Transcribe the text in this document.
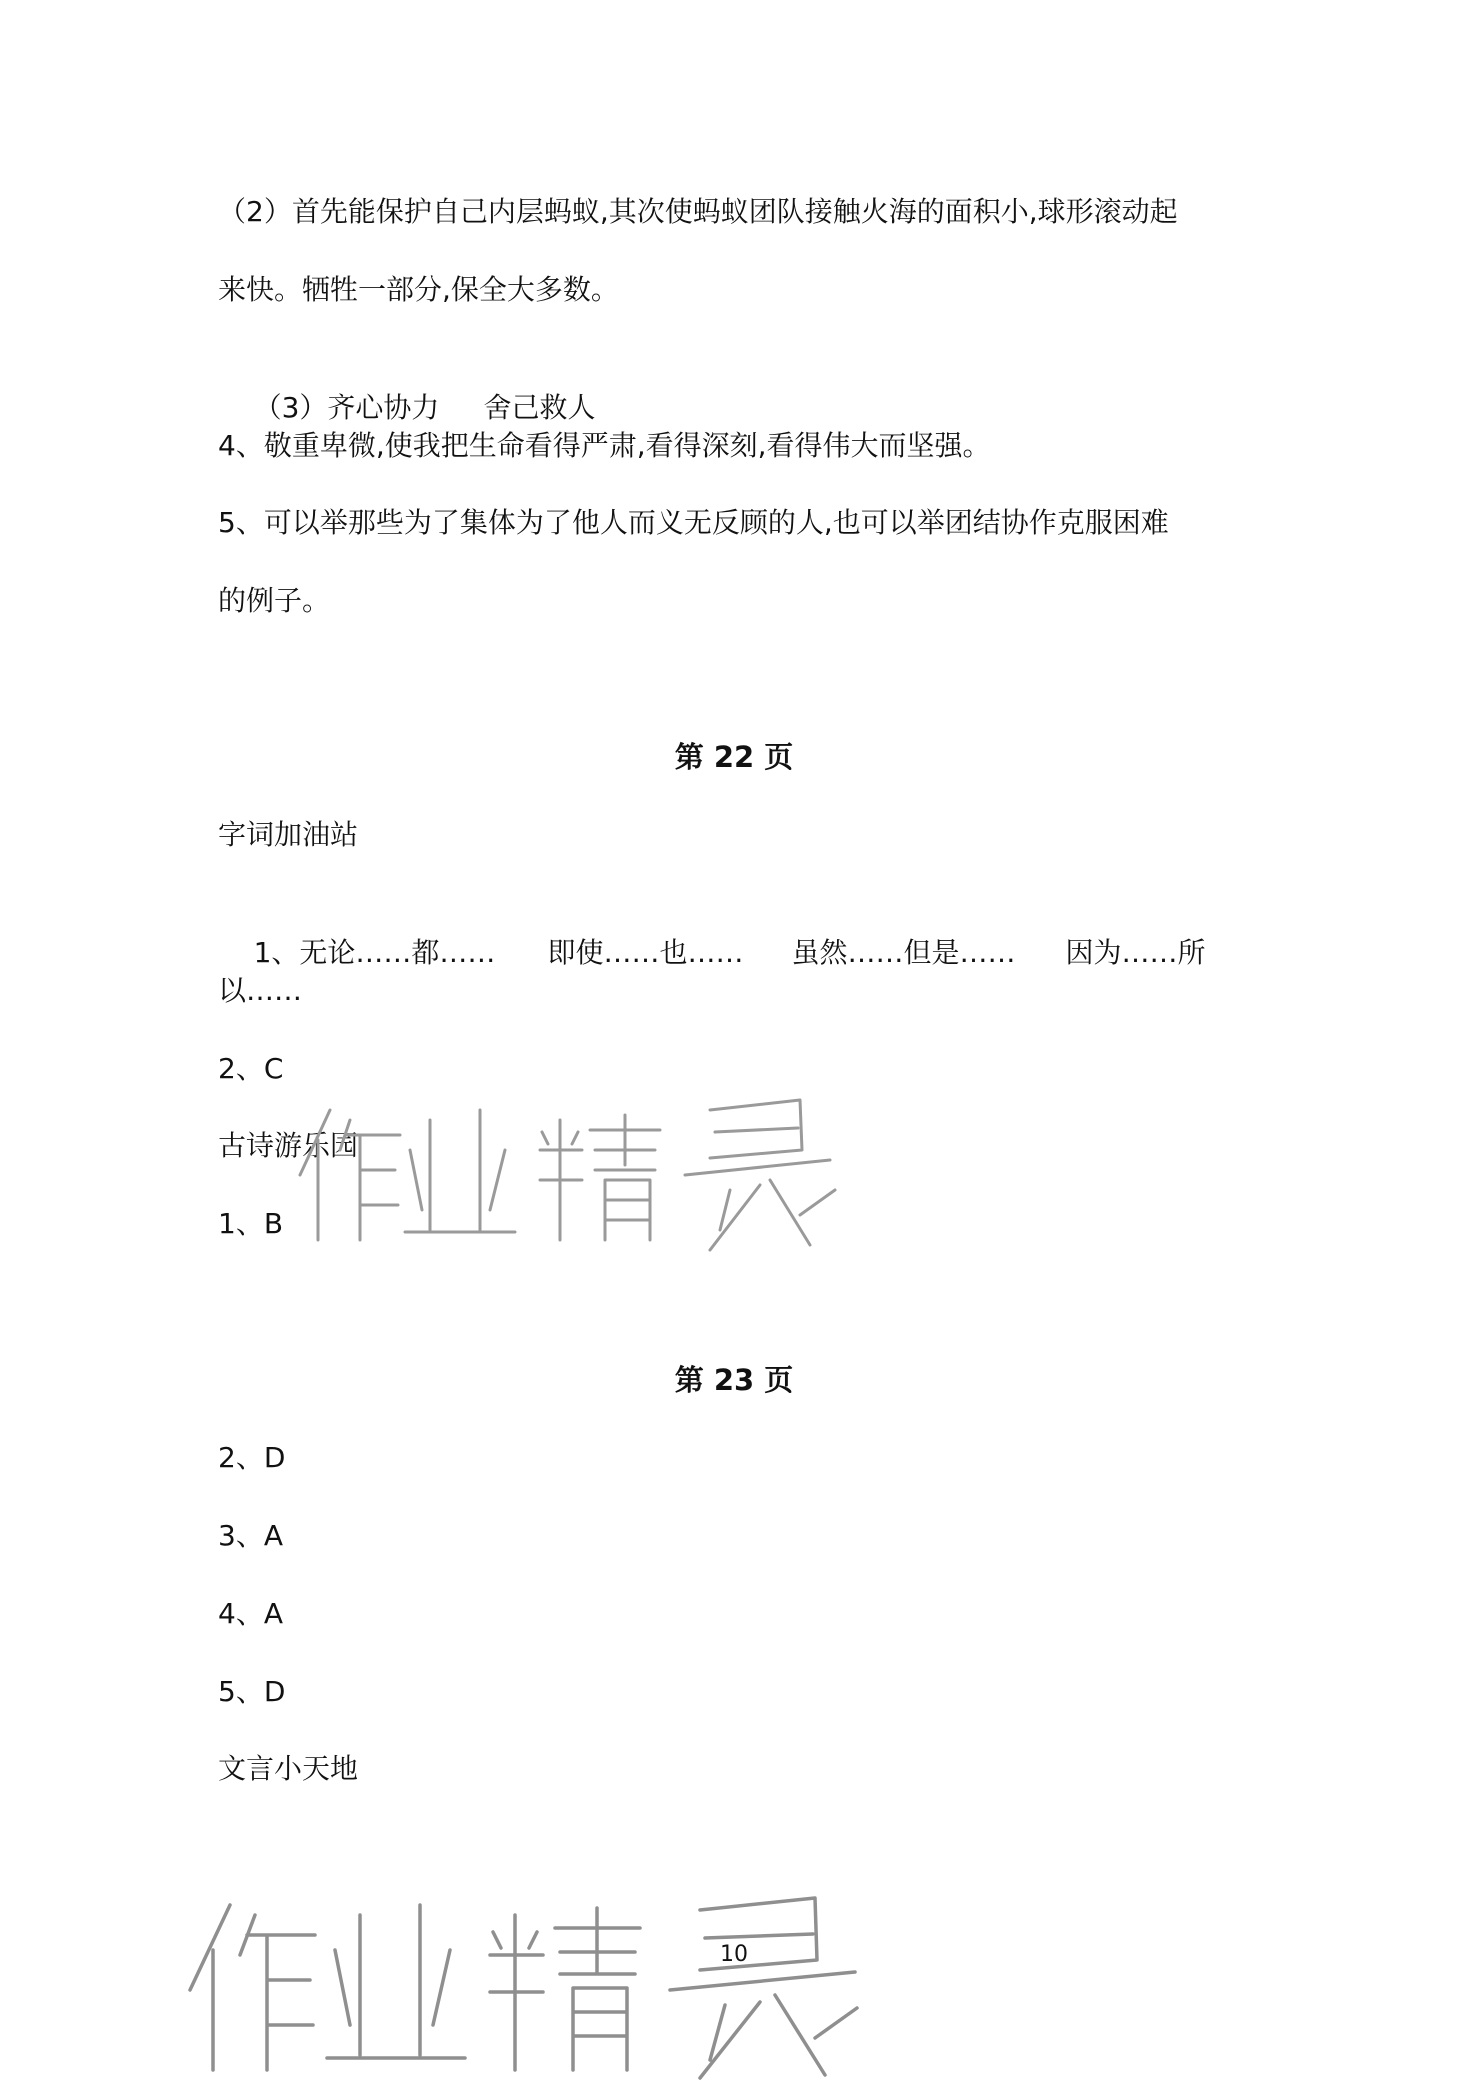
（2）首先能保护自己内层蚂蚁,其次使蚂蚁团队接触火海的面积小,球形滚动起
来快。牺牲一部分,保全大多数。

（3）齐心协力 舍己救人

4、敬重卑微,使我把生命看得严肃,看得深刻,看得伟大而坚强。
5、可以举那些为了集体为了他人而义无反顾的人,也可以举团结协作克服困难
的例子。
第 22 页
字词加油站

1、无论……都…… 即使……也…… 虽然……但是…… 因为……所

以……
2、C
古诗游乐园
1、B
第 23 页
2、D
3、A
4、A
5、D
文言小天地
10
